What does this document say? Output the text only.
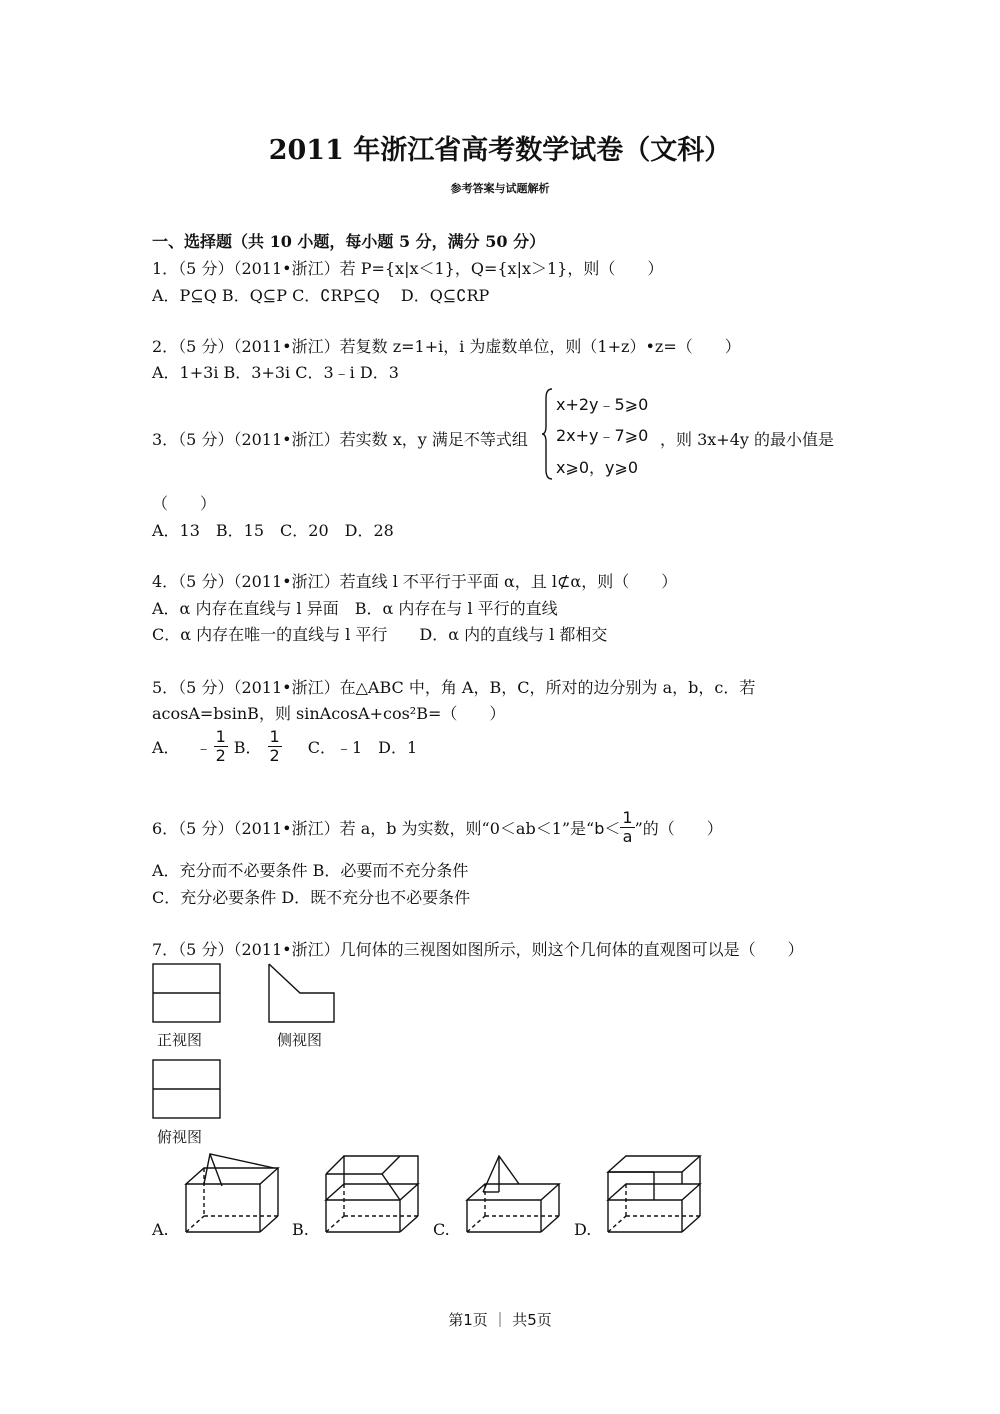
2011 年浙江省高考数学试卷（文科）
参考答案与试题解析
一、选择题（共 10 小题，每小题 5 分，满分 50 分）
1．（5 分）（2011•浙江）若 P={x|x＜1}，Q={x|x＞1}，则（　　）
A．P⊆Q B．Q⊆P C．∁RP⊆Q　 D．Q⊆∁RP
2．（5 分）（2011•浙江）若复数 z=1+i，i 为虚数单位，则（1+z）•z=（　　）
A．1+3i B．3+3i C．3﹣i D．3
3．（5 分）（2011•浙江）若实数 x，y 满足不等式组
x+2y﹣5⩾0
2x+y﹣7⩾0
x⩾0，y⩾0
，则 3x+4y 的最小值是
（　　）
A．13　B．15　C．20　D．28
4．（5 分）（2011•浙江）若直线 l 不平行于平面 α，且 l⊄α，则（　　）
A．α 内存在直线与 l 异面　B．α 内存在与 l 平行的直线
C．α 内存在唯一的直线与 l 平行　　D．α 内的直线与 l 都相交
5．（5 分）（2011•浙江）在△ABC 中，角 A，B，C，所对的边分别为 a，b，c．若
acosA=bsinB，则 sinAcosA+cos²B=（　　）
A． ﹣ $\frac{1}{2}$ B． $\frac{1}{2}$ C．﹣1　D．1
6．（5 分）（2011•浙江）若 a，b 为实数，则“0＜ab＜1”是“ $b< \frac{1}{a}$ ”的（　　）
A．充分而不必要条件 B．必要而不充分条件
C．充分必要条件 D．既不充分也不必要条件
7．（5 分）（2011•浙江）几何体的三视图如图所示，则这个几何体的直观图可以是（　　）
正视图	侧视图
俯视图
A.	B.	C.	D.
第1页 ｜ 共5页
